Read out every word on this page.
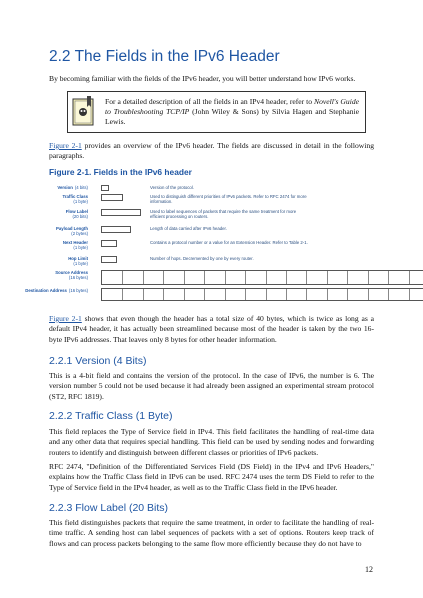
2.2 The Fields in the IPv6 Header
By becoming familiar with the fields of the IPv6 header, you will better understand how IPv6 works.
For a detailed description of all the fields in an IPv4 header, refer to Novell's Guide to Troubleshooting TCP/IP (John Wiley & Sons) by Silvia Hagen and Stephanie Lewis.
Figure 2-1 provides an overview of the IPv6 header. The fields are discussed in detail in the following paragraphs.
Figure 2-1. Fields in the IPv6 header
Version (4 bits)	Version of the protocol.
Traffic Class
(1 byte)
Used to distinguish different priorities of IPv6 packets. Refer to RFC 2474 for more information.
Flow Label
(20 bits)
Used to label sequences of packets that require the same treatment for more efficient processing on routers.
Payload Length
(2 bytes)
Length of data carried after IPv6 header.
Next Header
(1 byte)
Contains a protocol number or a value for an Extension Header. Refer to Table 2-1.
Hop Limit
(1 byte)
Number of hops. Decremented by one by every router.
Source Address
(16 bytes)
Destination Address (16 bytes)
Figure 2-1 shows that even though the header has a total size of 40 bytes, which is twice as long as a default IPv4 header, it has actually been streamlined because most of the header is taken by the two 16-byte IPv6 addresses. That leaves only 8 bytes for other header information.
2.2.1 Version (4 Bits)
This is a 4-bit field and contains the version of the protocol. In the case of IPv6, the number is 6. The version number 5 could not be used because it had already been assigned an experimental stream protocol (ST2, RFC 1819).
2.2.2 Traffic Class (1 Byte)
This field replaces the Type of Service field in IPv4. This field facilitates the handling of real-time data and any other data that requires special handling. This field can be used by sending nodes and forwarding routers to identify and distinguish between different classes or priorities of IPv6 packets.
RFC 2474, "Definition of the Differentiated Services Field (DS Field) in the IPv4 and IPv6 Headers," explains how the Traffic Class field in IPv6 can be used. RFC 2474 uses the term DS Field to refer to the Type of Service field in the IPv4 header, as well as to the Traffic Class field in the IPv6 header.
2.2.3 Flow Label (20 Bits)
This field distinguishes packets that require the same treatment, in order to facilitate the handling of real-time traffic. A sending host can label sequences of packets with a set of options. Routers keep track of flows and can process packets belonging to the same flow more efficiently because they do not have to
12
